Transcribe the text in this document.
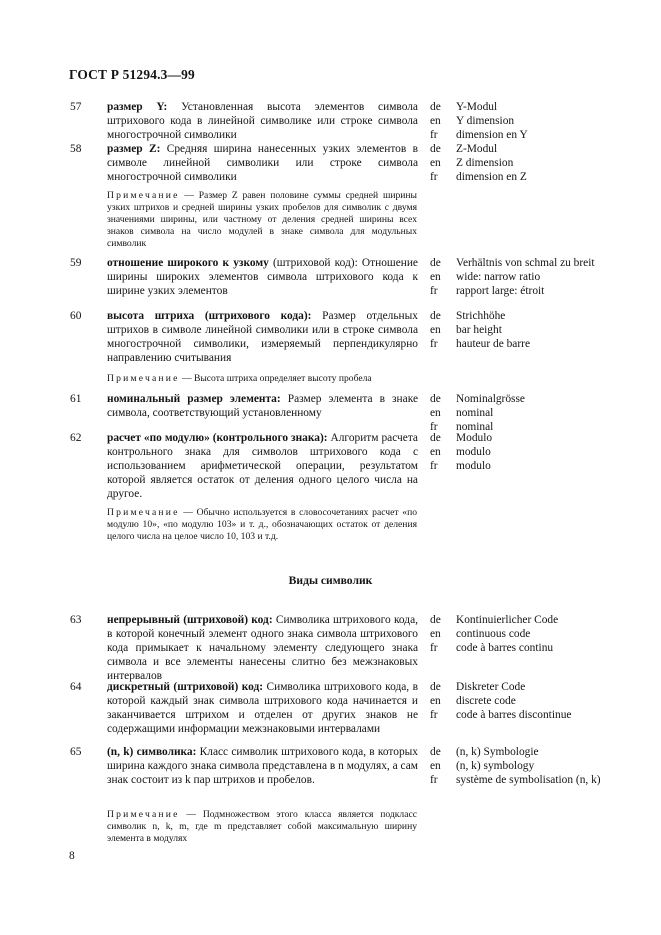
ГОСТ Р 51294.3—99
57 размер Y: Установленная высота элементов символа штрихового кода в линейной символике или строке символа многострочной символики
de	Y-Modul
en	Y dimension
fr	dimension en Y
58 размер Z: Средняя ширина нанесенных узких элементов в символе линейной символики или строке символа многострочной символики
de	Z-Modul
en	Z dimension
fr	dimension en Z
Примечание — Размер Z равен половине суммы средней ширины узких штрихов и средней ширины узких пробелов для символик с двумя значениями ширины, или частному от деления средней ширины всех знаков символа на число модулей в знаке символа для модульных символик
59 отношение широкого к узкому (штриховой код): Отношение ширины широких элементов символа штрихового кода к ширине узких элементов
de	Verhältnis von schmal zu breit
en	wide: narrow ratio
fr	rapport large: étroit
60 высота штриха (штрихового кода): Размер отдельных штрихов в символе линейной символики или в строке символа многострочной символики, измеряемый перпендикулярно направлению считывания
de	Strichhöhe
en	bar height
fr	hauteur de barre
Примечание — Высота штриха определяет высоту пробела
61 номинальный размер элемента: Размер элемента в знаке символа, соответствующий установленному
de	Nominalgrösse
en	nominal
fr	nominal
62 расчет «по модулю» (контрольного знака): Алгоритм расчета контрольного знака для символов штрихового кода с использованием арифметической операции, результатом которой является остаток от деления одного целого числа на другое.
de	Modulo
en	modulo
fr	modulo
Примечание — Обычно используется в словосочетаниях расчет «по модулю 10», «по модулю 103» и т. д., обозначающих остаток от деления целого числа на целое число 10, 103 и т.д.
Виды символик
63 непрерывный (штриховой) код: Символика штрихового кода, в которой конечный элемент одного знака символа штрихового кода примыкает к начальному элементу следующего знака символа и все элементы нанесены слитно без межзнаковых интервалов
de	Kontinuierlicher Code
en	continuous code
fr	code à barres continu
64 дискретный (штриховой) код: Символика штрихового кода, в которой каждый знак символа штрихового кода начинается и заканчивается штрихом и отделен от других знаков не содержащими информации межзнаковыми интервалами
de	Diskreter Code
en	discrete code
fr	code à barres discontinue
65 (n, k) символика: Класс символик штрихового кода, в которых ширина каждого знака символа представлена в n модулях, а сам знак состоит из k пар штрихов и пробелов.
de	(n, k) Symbologie
en	(n, k) symbology
fr	système de symbolisation (n, k)
Примечание — Подмножеством этого класса является подкласс символик n, k, m, где m представляет собой максимальную ширину элемента в модулях
8
